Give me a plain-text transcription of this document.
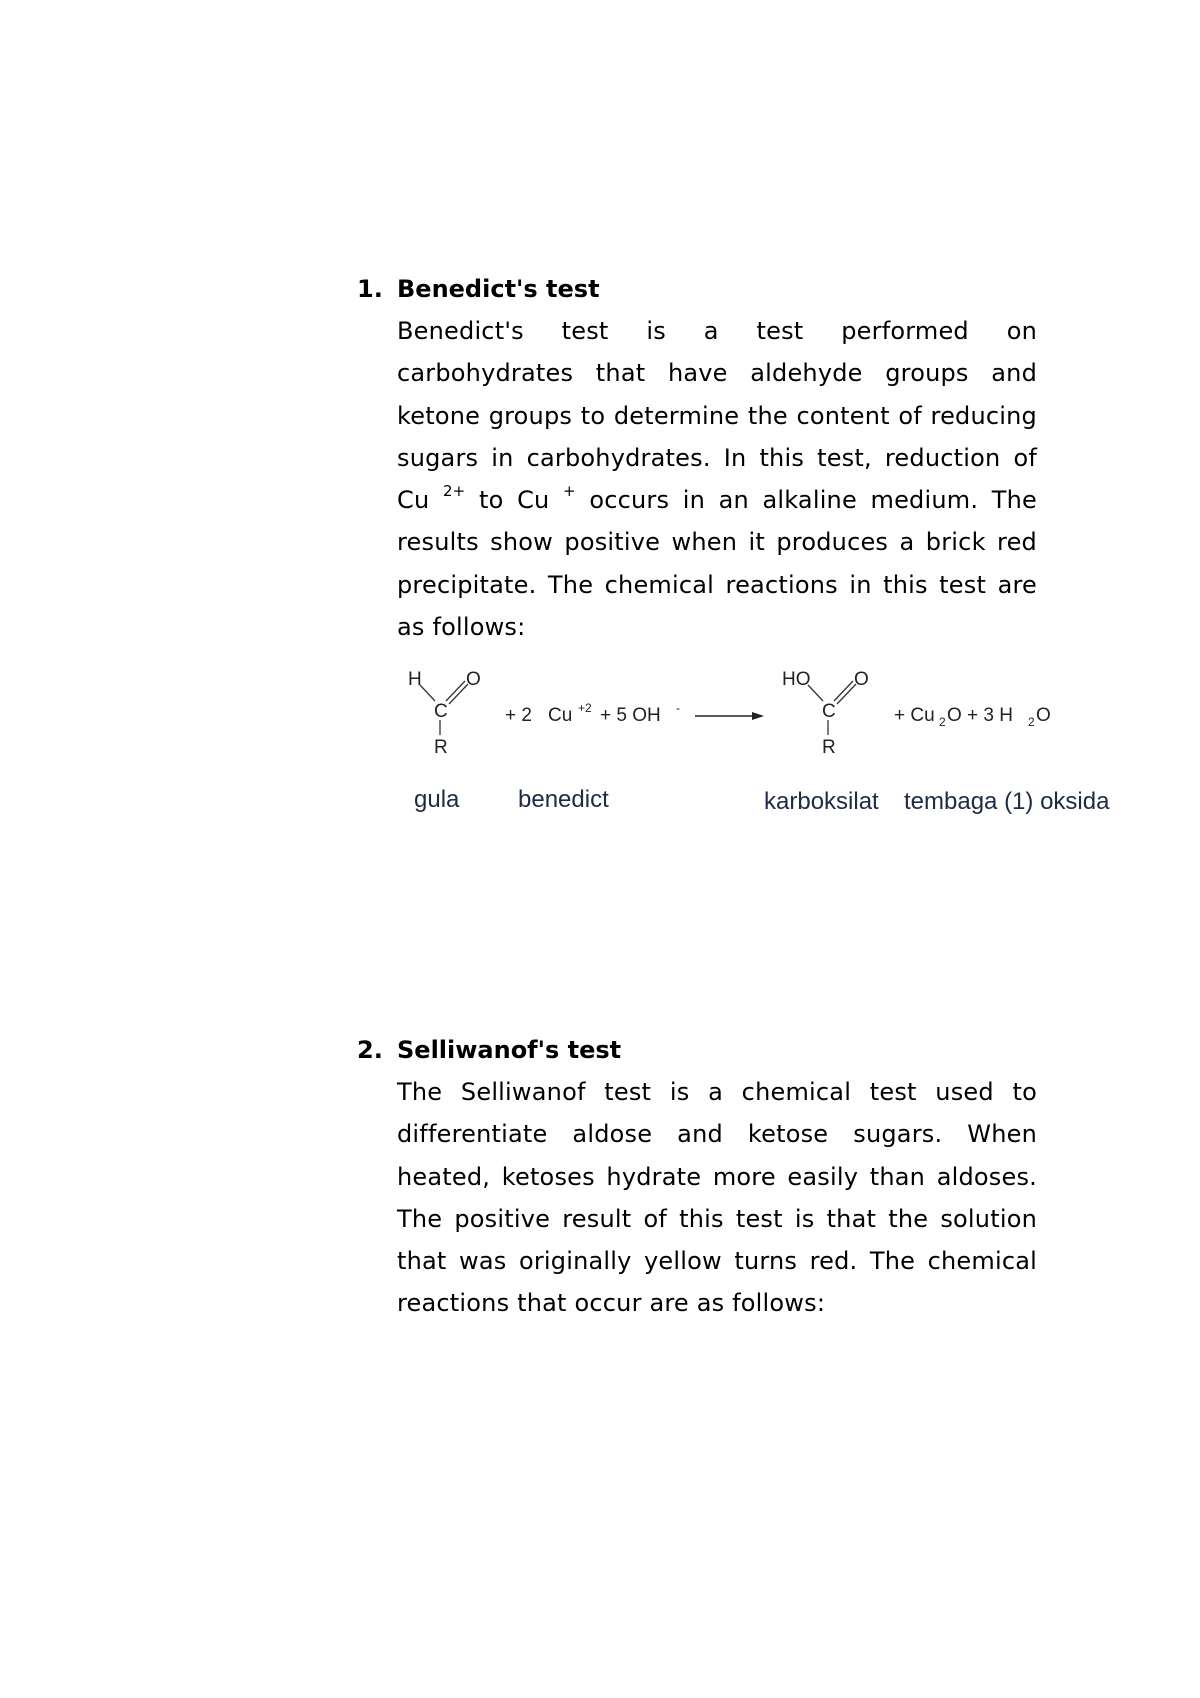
1. Benedict's test
Benedict's test is a test performed on carbohydrates that have aldehyde groups and ketone groups to determine the content of reducing sugars in carbohydrates. In this test, reduction of Cu $^{2+}$ to Cu + occurs in an alkaline medium. The results show positive when it produces a brick red precipitate. The chemical reactions in this test are as follows:
H O
C
R
+ 2 Cu +2 + 5 OH -
HO O
C
R
+ Cu 2 O + 3 H 2 O
gula benedict	karboksilat tembaga (1) oksida
2. Selliwanof's test
The Selliwanof test is a chemical test used to differentiate aldose and ketose sugars. When heated, ketoses hydrate more easily than aldoses. The positive result of this test is that the solution that was originally yellow turns red. The chemical reactions that occur are as follows:
